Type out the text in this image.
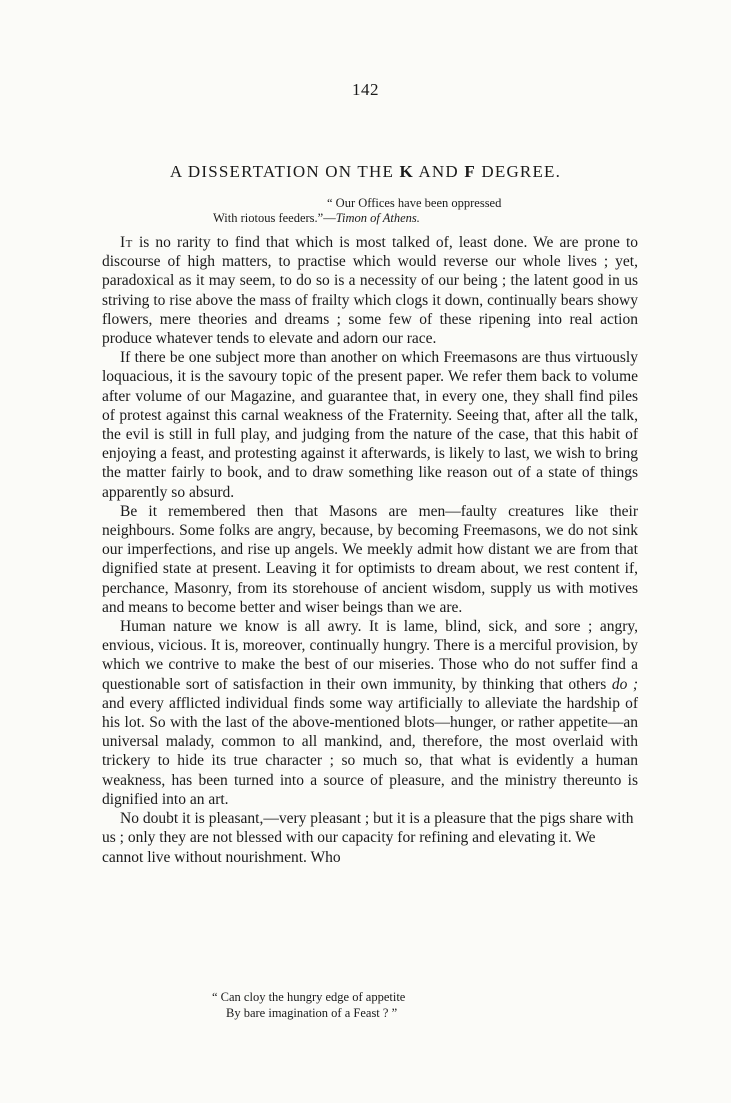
142
A DISSERTATION ON THE K AND F DEGREE.
“ Our Offices have been oppressed
With riotous feeders.”—Timon of Athens.

It is no rarity to find that which is most talked of, least done. We are prone to discourse of high matters, to practise which would reverse our whole lives ; yet, paradoxical as it may seem, to do so is a necessity of our being ; the latent good in us striving to rise above the mass of frailty which clogs it down, continually bears showy flowers, mere theories and dreams ; some few of these ripening into real action produce whatever tends to elevate and adorn our race.

If there be one subject more than another on which Freemasons are thus virtuously loquacious, it is the savoury topic of the present paper. We refer them back to volume after volume of our Magazine, and guarantee that, in every one, they shall find piles of protest against this carnal weakness of the Fraternity. Seeing that, after all the talk, the evil is still in full play, and judging from the nature of the case, that this habit of enjoying a feast, and protesting against it afterwards, is likely to last, we wish to bring the matter fairly to book, and to draw something like reason out of a state of things apparently so absurd.

Be it remembered then that Masons are men—faulty creatures like their neighbours. Some folks are angry, because, by becoming Freemasons, we do not sink our imperfections, and rise up angels. We meekly admit how distant we are from that dignified state at present. Leaving it for optimists to dream about, we rest content if, perchance, Masonry, from its storehouse of ancient wisdom, supply us with motives and means to become better and wiser beings than we are.

Human nature we know is all awry. It is lame, blind, sick, and sore ; angry, envious, vicious. It is, moreover, continually hungry. There is a merciful provision, by which we contrive to make the best of our miseries. Those who do not suffer find a questionable sort of satisfaction in their own immunity, by thinking that others do ; and every afflicted individual finds some way artificially to alleviate the hardship of his lot. So with the last of the above-mentioned blots—hunger, or rather appetite—an universal malady, common to all mankind, and, therefore, the most overlaid with trickery to hide its true character ; so much so, that what is evidently a human weakness, has been turned into a source of pleasure, and the ministry thereunto is dignified into an art.

No doubt it is pleasant,—very pleasant ; but it is a pleasure that the pigs share with us ; only they are not blessed with our capacity for refining and elevating it. We cannot live without nourishment. Who

“ Can cloy the hungry edge of appetite
By bare imagination of a Feast ? ”
